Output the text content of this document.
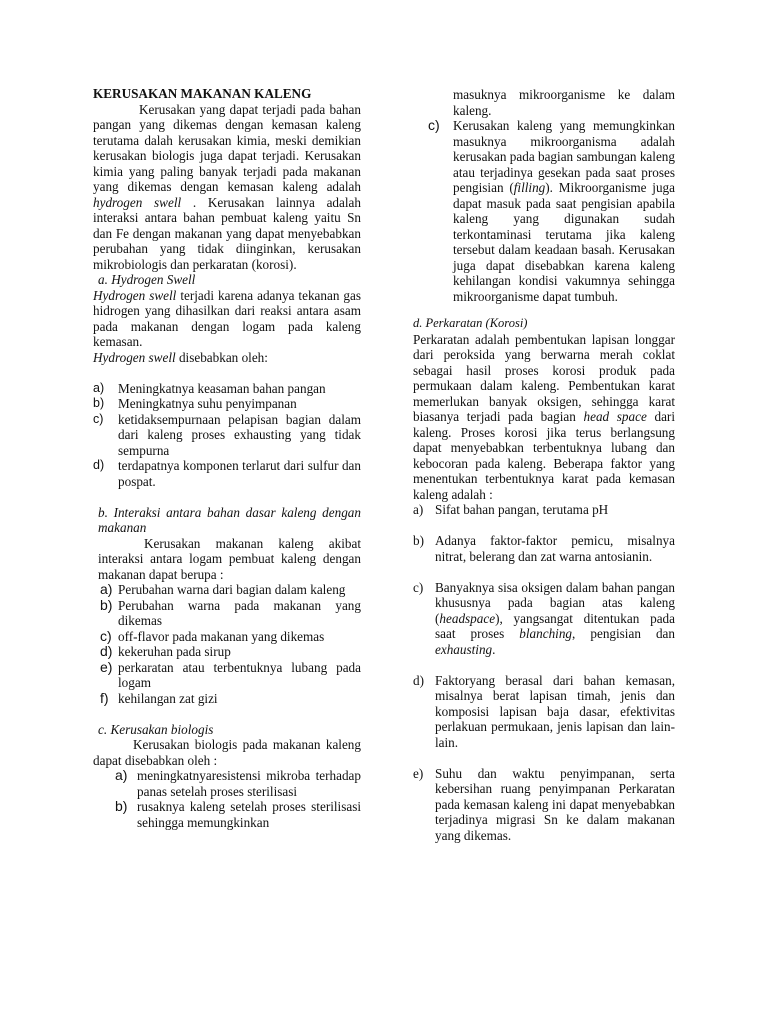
KERUSAKAN MAKANAN KALENG

Kerusakan yang dapat terjadi pada bahan pangan yang dikemas dengan kemasan kaleng terutama dalah kerusakan kimia, meski demikian kerusakan biologis juga dapat terjadi. Kerusakan kimia yang paling banyak terjadi pada makanan yang dikemas dengan kemasan kaleng adalah hydrogen swell . Kerusakan lainnya adalah interaksi antara bahan pembuat kaleng yaitu Sn dan Fe dengan makanan yang dapat menyebabkan perubahan yang tidak diinginkan, kerusakan mikrobiologis dan perkaratan (korosi).

a. Hydrogen Swell

Hydrogen swell terjadi karena adanya tekanan gas hidrogen yang dihasilkan dari reaksi antara asam pada makanan dengan logam pada kaleng kemasan.

Hydrogen swell disebabkan oleh:

a)	Meningkatnya keasaman bahan pangan
b)	Meningkatnya suhu penyimpanan
c)	ketidaksempurnaan pelapisan bagian dalam dari kaleng proses exhausting yang tidak sempurna
d)	terdapatnya komponen terlarut dari sulfur dan pospat.

b. Interaksi antara bahan dasar kaleng dengan makanan

Kerusakan makanan kaleng akibat interaksi antara logam pembuat kaleng dengan makanan dapat berupa :

a) Perubahan warna dari bagian dalam kaleng
b) Perubahan warna pada makanan yang dikemas
c) off-flavor pada makanan yang dikemas
d) kekeruhan pada sirup
e) perkaratan atau terbentuknya lubang pada logam
f) kehilangan zat gizi

c. Kerusakan biologis

Kerusakan biologis pada makanan kaleng dapat disebabkan oleh :

a) meningkatnyaresistensi mikroba terhadap panas setelah proses sterilisasi
b) rusaknya kaleng setelah proses sterilisasi sehingga memungkinkan

masuknya mikroorganisme ke dalam kaleng.

c)	Kerusakan kaleng yang memungkinkan masuknya mikroorganisma adalah kerusakan pada bagian sambungan kaleng atau terjadinya gesekan pada saat proses pengisian (filling). Mikroorganisme juga dapat masuk pada saat pengisian apabila kaleng yang digunakan sudah terkontaminasi terutama jika kaleng tersebut dalam keadaan basah. Kerusakan juga dapat disebabkan karena kaleng kehilangan kondisi vakumnya sehingga mikroorganisme dapat tumbuh.

d. Perkaratan (Korosi)

Perkaratan adalah pembentukan lapisan longgar dari peroksida yang berwarna merah coklat sebagai hasil proses korosi produk pada permukaan dalam kaleng. Pembentukan karat memerlukan banyak oksigen, sehingga karat biasanya terjadi pada bagian head space dari kaleng. Proses korosi jika terus berlangsung dapat menyebabkan terbentuknya lubang dan kebocoran pada kaleng. Beberapa faktor yang menentukan terbentuknya karat pada kemasan kaleng adalah :

a) Sifat bahan pangan, terutama pH
b) Adanya faktor-faktor pemicu, misalnya nitrat, belerang dan zat warna antosianin.
c) Banyaknya sisa oksigen dalam bahan pangan khususnya pada bagian atas kaleng (headspace), yangsangat ditentukan pada saat proses blanching, pengisian dan exhausting.
d) Faktoryang berasal dari bahan kemasan, misalnya berat lapisan timah, jenis dan komposisi lapisan baja dasar, efektivitas perlakuan permukaan, jenis lapisan dan lain-lain.
e) Suhu dan waktu penyimpanan, serta kebersihan ruang penyimpanan Perkaratan pada kemasan kaleng ini dapat menyebabkan terjadinya migrasi Sn ke dalam makanan yang dikemas.
